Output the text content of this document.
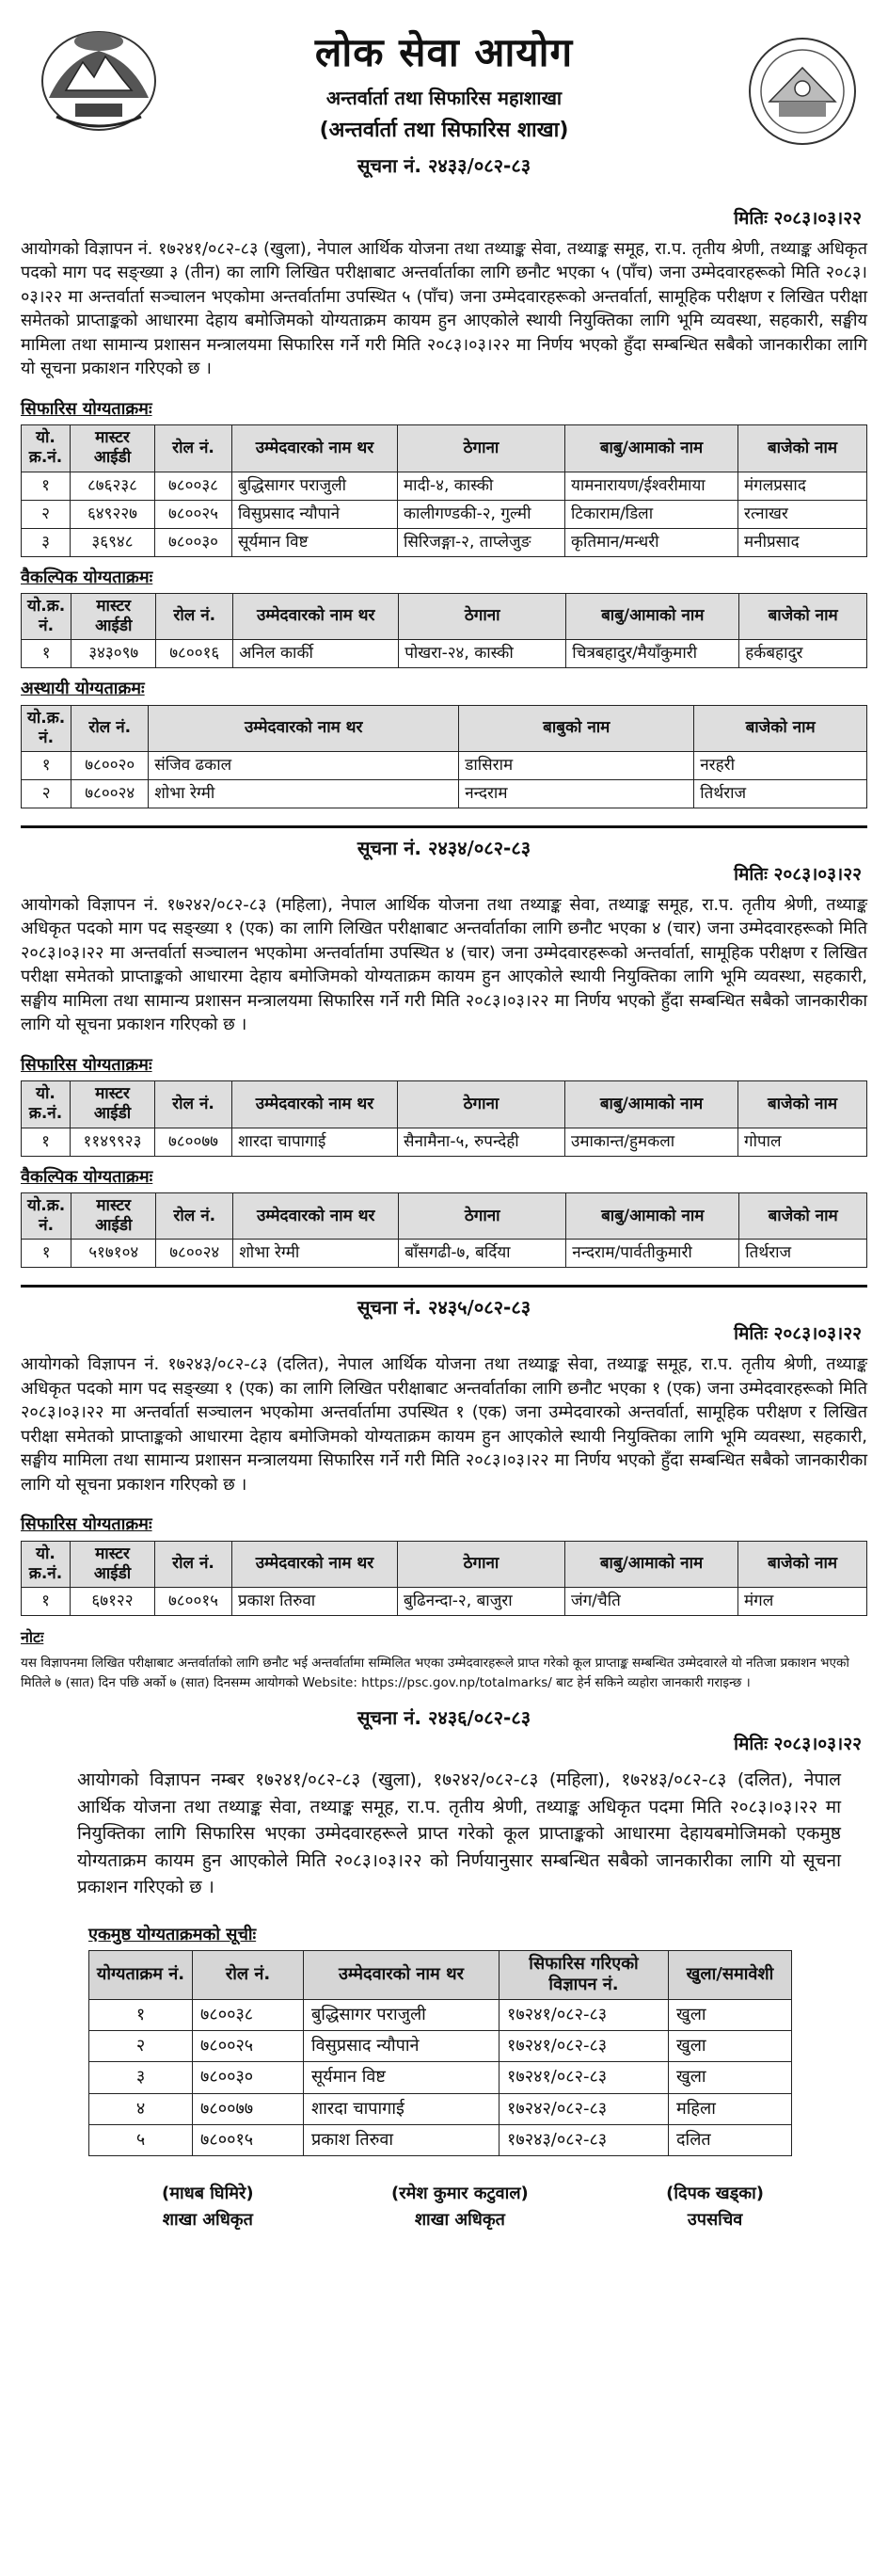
लोक सेवा आयोग
अन्तर्वार्ता तथा सिफारिस महाशाखा
(अन्तर्वार्ता तथा सिफारिस शाखा)
सूचना नं. २४३३/०८२-८३
मितिः २०८३।०३।२२
आयोगको विज्ञापन नं. १७२४१/०८२-८३ (खुला), नेपाल आर्थिक योजना तथा तथ्याङ्क सेवा, तथ्याङ्क समूह, रा.प. तृतीय श्रेणी, तथ्याङ्क अधिकृत पदको माग पद सङ्ख्या ३ (तीन) का लागि लिखित परीक्षाबाट अन्तर्वार्ताका लागि छनौट भएका ५ (पाँच) जना उम्मेदवारहरूको मिति २०८३।०३।२२ मा अन्तर्वार्ता सञ्चालन भएकोमा अन्तर्वार्तामा उपस्थित ५ (पाँच) जना उम्मेदवारहरूको अन्तर्वार्ता, सामूहिक परीक्षण र लिखित परीक्षा समेतको प्राप्ताङ्कको आधारमा देहाय बमोजिमको योग्यताक्रम कायम हुन आएकोले स्थायी नियुक्तिका लागि भूमि व्यवस्था, सहकारी, सङ्घीय मामिला तथा सामान्य प्रशासन मन्त्रालयमा सिफारिस गर्ने गरी मिति २०८३।०३।२२ मा निर्णय भएको हुँदा सम्बन्धित सबैको जानकारीका लागि यो सूचना प्रकाशन गरिएको छ ।
सिफारिस योग्यताक्रमः
यो. क्र.नं.	मास्टर आईडी	रोल नं.	उम्मेदवारको नाम थर	ठेगाना	बाबु/आमाको नाम	बाजेको नाम
१	८७६२३८	७८००३८	बुद्धिसागर पराजुली	मादी-४, कास्की	यामनारायण/ईश्वरीमाया	मंगलप्रसाद
२	६४९२२७	७८००२५	विसुप्रसाद न्यौपाने	कालीगण्डकी-२, गुल्मी	टिकाराम/डिला	रत्नाखर
३	३६९४८	७८००३०	सूर्यमान विष्ट	सिरिजङ्गा-२, ताप्लेजुङ	कृतिमान/मन्धरी	मनीप्रसाद
वैकल्पिक योग्यताक्रमः
यो.क्र. नं.	मास्टर आईडी	रोल नं.	उम्मेदवारको नाम थर	ठेगाना	बाबु/आमाको नाम	बाजेको नाम
१	३४३०९७	७८००१६	अनिल कार्की	पोखरा-२४, कास्की	चित्रबहादुर/मैयाँकुमारी	हर्कबहादुर
अस्थायी योग्यताक्रमः
यो.क्र. नं.	रोल नं.	उम्मेदवारको नाम थर	बाबुको नाम	बाजेको नाम
१	७८००२०	संजिव ढकाल	डासिराम	नरहरी
२	७८००२४	शोभा रेग्मी	नन्दराम	तिर्थराज
सूचना नं. २४३४/०८२-८३
मितिः २०८३।०३।२२
आयोगको विज्ञापन नं. १७२४२/०८२-८३ (महिला), नेपाल आर्थिक योजना तथा तथ्याङ्क सेवा, तथ्याङ्क समूह, रा.प. तृतीय श्रेणी, तथ्याङ्क अधिकृत पदको माग पद सङ्ख्या १ (एक) का लागि लिखित परीक्षाबाट अन्तर्वार्ताका लागि छनौट भएका ४ (चार) जना उम्मेदवारहरूको मिति २०८३।०३।२२ मा अन्तर्वार्ता सञ्चालन भएकोमा अन्तर्वार्तामा उपस्थित ४ (चार) जना उम्मेदवारहरूको अन्तर्वार्ता, सामूहिक परीक्षण र लिखित परीक्षा समेतको प्राप्ताङ्कको आधारमा देहाय बमोजिमको योग्यताक्रम कायम हुन आएकोले स्थायी नियुक्तिका लागि भूमि व्यवस्था, सहकारी, सङ्घीय मामिला तथा सामान्य प्रशासन मन्त्रालयमा सिफारिस गर्ने गरी मिति २०८३।०३।२२ मा निर्णय भएको हुँदा सम्बन्धित सबैको जानकारीका लागि यो सूचना प्रकाशन गरिएको छ ।
सिफारिस योग्यताक्रमः
यो. क्र.नं.	मास्टर आईडी	रोल नं.	उम्मेदवारको नाम थर	ठेगाना	बाबु/आमाको नाम	बाजेको नाम
१	११४९९२३	७८००७७	शारदा चापागाई	सैनामैना-५, रुपन्देही	उमाकान्त/हुमकला	गोपाल
वैकल्पिक योग्यताक्रमः
यो.क्र. नं.	मास्टर आईडी	रोल नं.	उम्मेदवारको नाम थर	ठेगाना	बाबु/आमाको नाम	बाजेको नाम
१	५१७१०४	७८००२४	शोभा रेग्मी	बाँसगढी-७, बर्दिया	नन्दराम/पार्वतीकुमारी	तिर्थराज
सूचना नं. २४३५/०८२-८३
मितिः २०८३।०३।२२
आयोगको विज्ञापन नं. १७२४३/०८२-८३ (दलित), नेपाल आर्थिक योजना तथा तथ्याङ्क सेवा, तथ्याङ्क समूह, रा.प. तृतीय श्रेणी, तथ्याङ्क अधिकृत पदको माग पद सङ्ख्या १ (एक) का लागि लिखित परीक्षाबाट अन्तर्वार्ताका लागि छनौट भएका १ (एक) जना उम्मेदवारहरूको मिति २०८३।०३।२२ मा अन्तर्वार्ता सञ्चालन भएकोमा अन्तर्वार्तामा उपस्थित १ (एक) जना उम्मेदवारको अन्तर्वार्ता, सामूहिक परीक्षण र लिखित परीक्षा समेतको प्राप्ताङ्कको आधारमा देहाय बमोजिमको योग्यताक्रम कायम हुन आएकोले स्थायी नियुक्तिका लागि भूमि व्यवस्था, सहकारी, सङ्घीय मामिला तथा सामान्य प्रशासन मन्त्रालयमा सिफारिस गर्ने गरी मिति २०८३।०३।२२ मा निर्णय भएको हुँदा सम्बन्धित सबैको जानकारीका लागि यो सूचना प्रकाशन गरिएको छ ।
सिफारिस योग्यताक्रमः
यो. क्र.नं.	मास्टर आईडी	रोल नं.	उम्मेदवारको नाम थर	ठेगाना	बाबु/आमाको नाम	बाजेको नाम
१	६७१२२	७८००१५	प्रकाश तिरुवा	बुढिनन्दा-२, बाजुरा	जंग/चैति	मंगल
नोटः
यस विज्ञापनमा लिखित परीक्षाबाट अन्तर्वार्ताको लागि छनौट भई अन्तर्वार्तामा सम्मिलित भएका उम्मेदवारहरूले प्राप्त गरेको कूल प्राप्ताङ्क सम्बन्धित उम्मेदवारले यो नतिजा प्रकाशन भएको मितिले ७ (सात) दिन पछि अर्को ७ (सात) दिनसम्म आयोगको Website: https://psc.gov.np/totalmarks/ बाट हेर्न सकिने व्यहोरा जानकारी गराइन्छ ।
सूचना नं. २४३६/०८२-८३
मितिः २०८३।०३।२२
आयोगको विज्ञापन नम्बर १७२४१/०८२-८३ (खुला), १७२४२/०८२-८३ (महिला), १७२४३/०८२-८३ (दलित), नेपाल आर्थिक योजना तथा तथ्याङ्क सेवा, तथ्याङ्क समूह, रा.प. तृतीय श्रेणी, तथ्याङ्क अधिकृत पदमा मिति २०८३।०३।२२ मा नियुक्तिका लागि सिफारिस भएका उम्मेदवारहरूले प्राप्त गरेको कूल प्राप्ताङ्कको आधारमा देहायबमोजिमको एकमुष्ठ योग्यताक्रम कायम हुन आएकोले मिति २०८३।०३।२२ को निर्णयानुसार सम्बन्धित सबैको जानकारीका लागि यो सूचना प्रकाशन गरिएको छ ।
एकमुष्ठ योग्यताक्रमको सूचीः
योग्यताक्रम नं.	रोल नं.	उम्मेदवारको नाम थर	सिफारिस गरिएको विज्ञापन नं.	खुला/समावेशी
१	७८००३८	बुद्धिसागर पराजुली	१७२४१/०८२-८३	खुला
२	७८००२५	विसुप्रसाद न्यौपाने	१७२४१/०८२-८३	खुला
३	७८००३०	सूर्यमान विष्ट	१७२४१/०८२-८३	खुला
४	७८००७७	शारदा चापागाई	१७२४२/०८२-८३	महिला
५	७८००१५	प्रकाश तिरुवा	१७२४३/०८२-८३	दलित
(माधब घिमिरे)
शाखा अधिकृत
(रमेश कुमार कटुवाल)
शाखा अधिकृत
(दिपक खड्का)
उपसचिव
